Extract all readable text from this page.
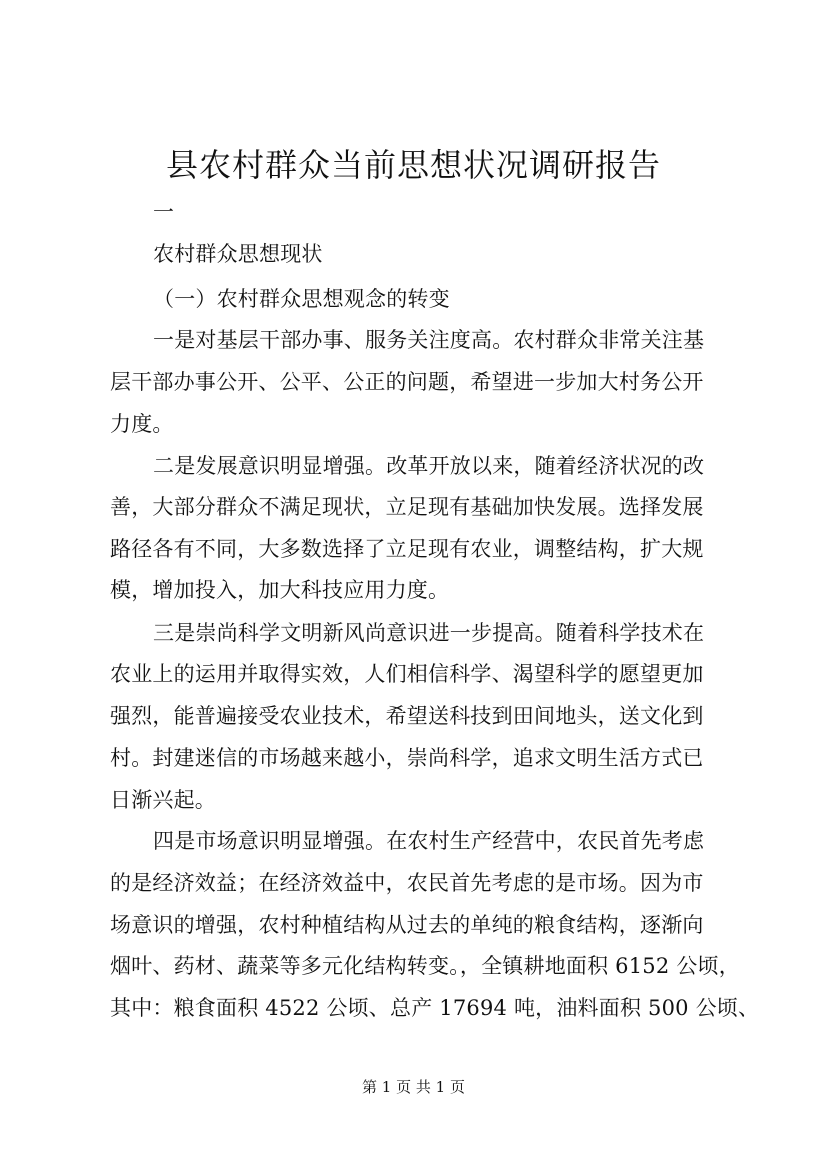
县农村群众当前思想状况调研报告
一
农村群众思想现状
（一）农村群众思想观念的转变
一是对基层干部办事、服务关注度高。农村群众非常关注基
层干部办事公开、公平、公正的问题，希望进一步加大村务公开
力度。
二是发展意识明显增强。改革开放以来，随着经济状况的改
善，大部分群众不满足现状，立足现有基础加快发展。选择发展
路径各有不同，大多数选择了立足现有农业，调整结构，扩大规
模，增加投入，加大科技应用力度。
三是崇尚科学文明新风尚意识进一步提高。随着科学技术在
农业上的运用并取得实效，人们相信科学、渴望科学的愿望更加
强烈，能普遍接受农业技术，希望送科技到田间地头，送文化到
村。封建迷信的市场越来越小，崇尚科学，追求文明生活方式已
日渐兴起。
四是市场意识明显增强。在农村生产经营中，农民首先考虑
的是经济效益；在经济效益中，农民首先考虑的是市场。因为市
场意识的增强，农村种植结构从过去的单纯的粮食结构，逐渐向
烟叶、药材、蔬菜等多元化结构转变。，全镇耕地面积 6152 公顷，
其中：粮食面积 4522 公顷、总产 17694 吨，油料面积 500 公顷、
第 1 页 共 1 页
